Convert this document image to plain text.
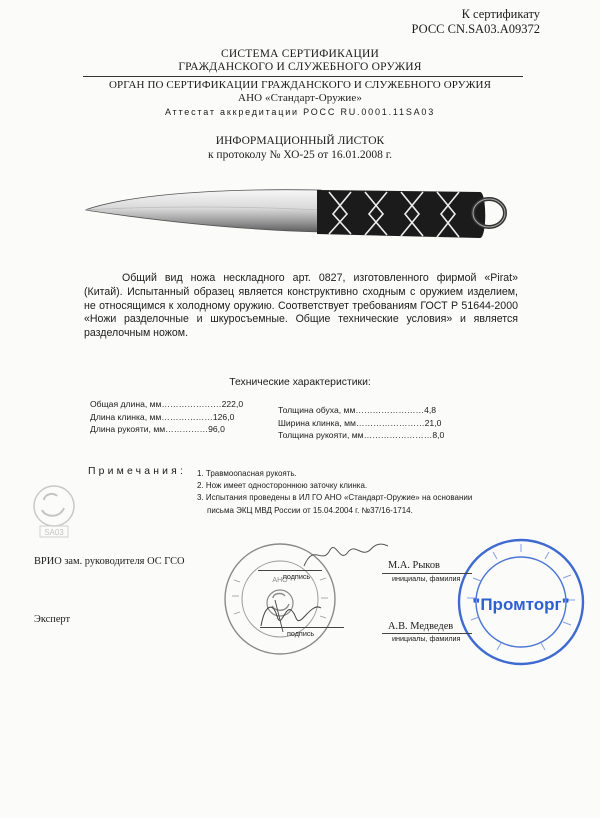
К сертификату
РОСС CN.SA03.A09372
СИСТЕМА СЕРТИФИКАЦИИ
ГРАЖДАНСКОГО И СЛУЖЕБНОГО ОРУЖИЯ
ОРГАН ПО СЕРТИФИКАЦИИ ГРАЖДАНСКОГО И СЛУЖЕБНОГО ОРУЖИЯ
АНО «Стандарт-Оружие»
Аттестат аккредитации РОСС RU.0001.11SA03
ИНФОРМАЦИОННЫЙ ЛИСТОК
к протоколу № ХО-25 от 16.01.2008 г.
Общий вид ножа нескладного арт. 0827, изготовленного фирмой «Pirat» (Китай). Испытанный образец является конструктивно сходным с оружием изделием, не относящимся к холодному оружию. Соответствует требованиям ГОСТ Р 51644-2000 «Ножи разделочные и шкуросъемные. Общие технические условия» и является разделочным ножом.
Технические характеристики:
Общая длина, мм…………………222,0
Длина клинка, мм………………126,0
Длина рукояти, мм……………96,0
Толщина обуха, мм……………………4,8
Ширина клинка, мм……………………21,0
Толщина рукояти, мм……………………8,0
Примечания: 1. Травмоопасная рукоять.
2. Нож имеет одностороннюю заточку клинка.
3. Испытания проведены в ИЛ ГО АНО «Стандарт-Оружие» на основании
письма ЭКЦ МВД России от 15.04.2004 г. №37/16-1714.
SA03
АНО
"Промторг"
ВРИО зам. руководителя ОС ГСО
подпись
М.А. Рыков
инициалы, фамилия
Эксперт
подпись
А.В. Медведев
инициалы, фамилия
